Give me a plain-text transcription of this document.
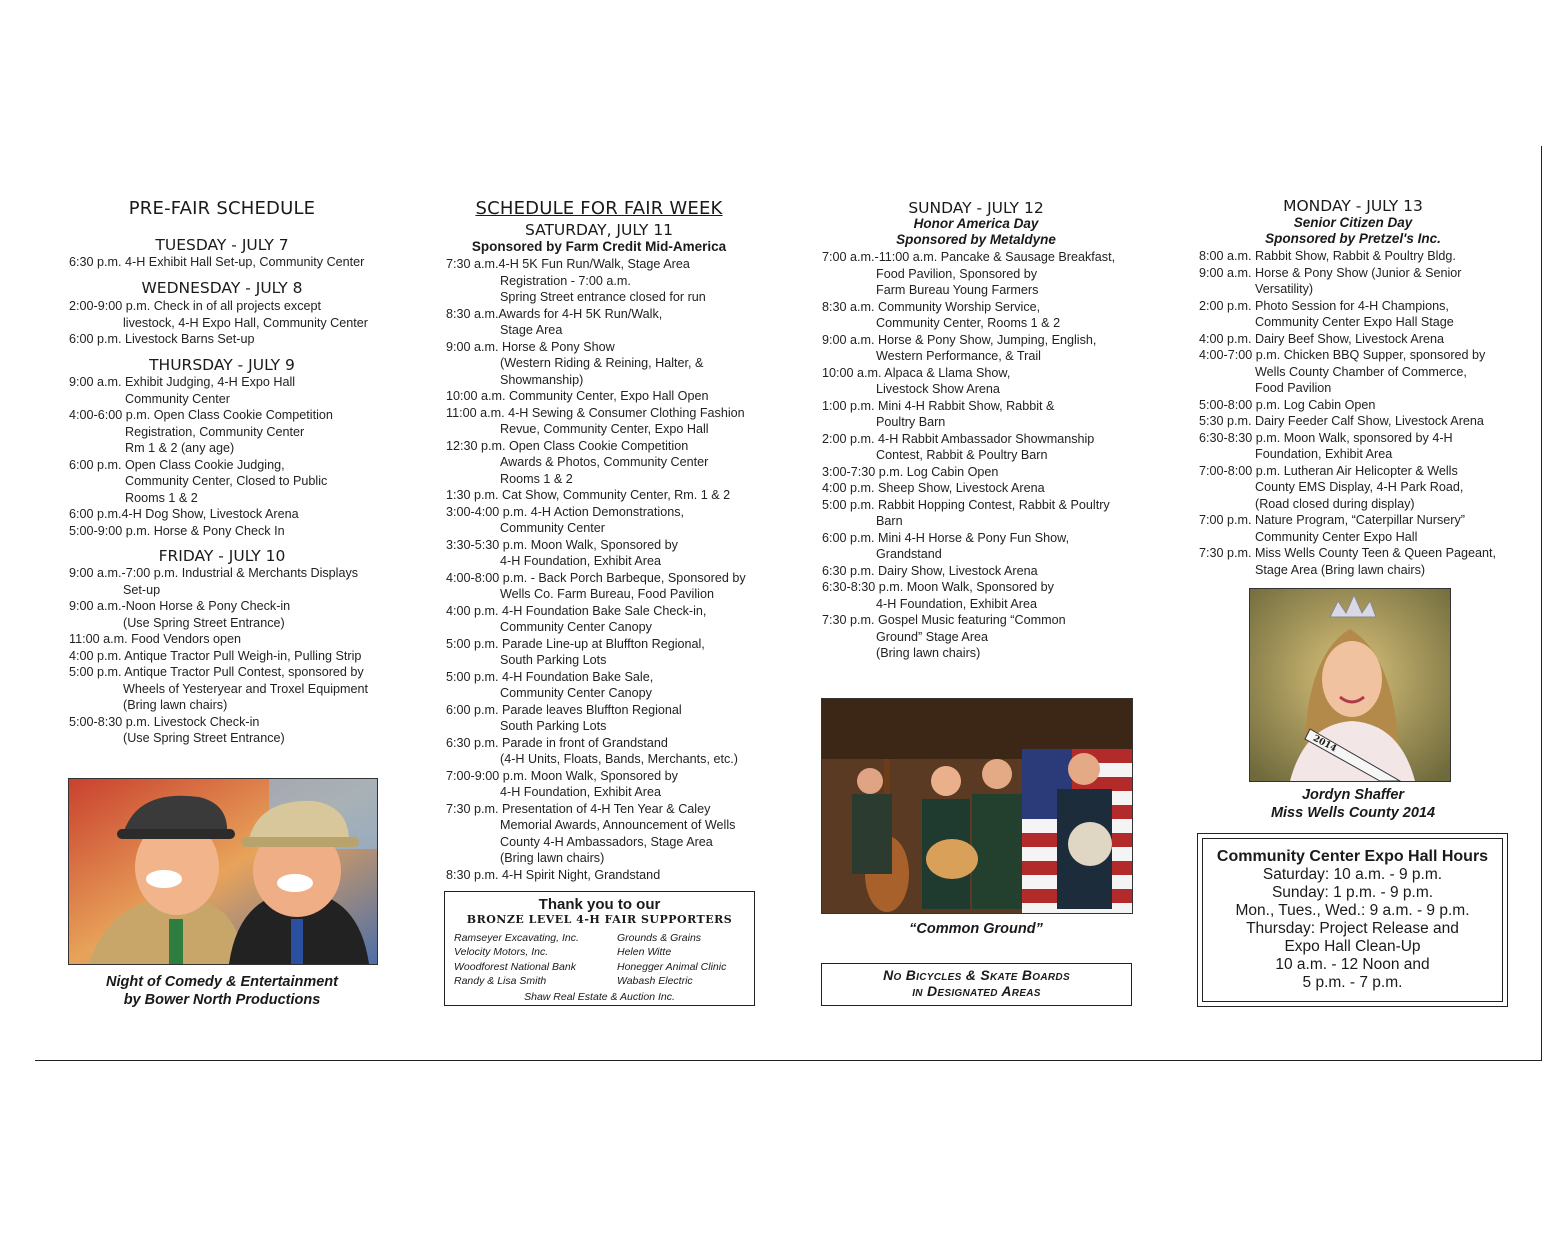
PRE-FAIR SCHEDULE
TUESDAY - JULY 7
6:30 p.m. 4-H Exhibit Hall Set-up, Community Center
WEDNESDAY - JULY 8
2:00-9:00 p.m. Check in of all projects except
livestock, 4-H Expo Hall, Community Center
6:00 p.m. Livestock Barns Set-up
THURSDAY - JULY 9
9:00 a.m. Exhibit Judging, 4-H Expo Hall
Community Center
4:00-6:00 p.m. Open Class Cookie Competition
Registration, Community Center
Rm 1 & 2 (any age)
6:00 p.m. Open Class Cookie Judging,
Community Center, Closed to Public
Rooms 1 & 2
6:00 p.m.4-H Dog Show, Livestock Arena
5:00-9:00 p.m. Horse & Pony Check In
FRIDAY - JULY 10
9:00 a.m.-7:00 p.m. Industrial & Merchants Displays
Set-up
9:00 a.m.-Noon Horse & Pony Check-in
(Use Spring Street Entrance)
11:00 a.m. Food Vendors open
4:00 p.m. Antique Tractor Pull Weigh-in, Pulling Strip
5:00 p.m. Antique Tractor Pull Contest, sponsored by
Wheels of Yesteryear and Troxel Equipment
(Bring lawn chairs)
5:00-8:30 p.m. Livestock Check-in
(Use Spring Street Entrance)
Night of Comedy & Entertainment
by Bower North Productions
SCHEDULE FOR FAIR WEEK
SATURDAY, JULY 11
Sponsored by Farm Credit Mid-America
7:30 a.m.4-H 5K Fun Run/Walk, Stage Area
Registration - 7:00 a.m.
Spring Street entrance closed for run
8:30 a.m.Awards for 4-H 5K Run/Walk,
Stage Area
9:00 a.m. Horse & Pony Show
(Western Riding & Reining, Halter, &
Showmanship)
10:00 a.m. Community Center, Expo Hall Open
11:00 a.m. 4-H Sewing & Consumer Clothing Fashion
Revue, Community Center, Expo Hall
12:30 p.m. Open Class Cookie Competition
Awards & Photos, Community Center
Rooms 1 & 2
1:30 p.m. Cat Show, Community Center, Rm. 1 & 2
3:00-4:00 p.m. 4-H Action Demonstrations,
Community Center
3:30-5:30 p.m. Moon Walk, Sponsored by
4-H Foundation, Exhibit Area
4:00-8:00 p.m. - Back Porch Barbeque, Sponsored by
Wells Co. Farm Bureau, Food Pavilion
4:00 p.m. 4-H Foundation Bake Sale Check-in,
Community Center Canopy
5:00 p.m. Parade Line-up at Bluffton Regional,
South Parking Lots
5:00 p.m. 4-H Foundation Bake Sale,
Community Center Canopy
6:00 p.m. Parade leaves Bluffton Regional
South Parking Lots
6:30 p.m. Parade in front of Grandstand
(4-H Units, Floats, Bands, Merchants, etc.)
7:00-9:00 p.m. Moon Walk, Sponsored by
4-H Foundation, Exhibit Area
7:30 p.m. Presentation of 4-H Ten Year & Caley
Memorial Awards, Announcement of Wells
County 4-H Ambassadors, Stage Area
(Bring lawn chairs)
8:30 p.m. 4-H Spirit Night, Grandstand
Thank you to our
BRONZE LEVEL 4-H FAIR SUPPORTERS
Ramseyer Excavating, Inc.
Velocity Motors, Inc.
Woodforest National Bank
Randy & Lisa Smith
Grounds & Grains
Helen Witte
Honegger Animal Clinic
Wabash Electric
Shaw Real Estate & Auction Inc.
SUNDAY - JULY 12
Honor America Day
Sponsored by Metaldyne
7:00 a.m.-11:00 a.m. Pancake & Sausage Breakfast,
Food Pavilion, Sponsored by
Farm Bureau Young Farmers
8:30 a.m. Community Worship Service,
Community Center, Rooms 1 & 2
9:00 a.m. Horse & Pony Show, Jumping, English,
Western Performance, & Trail
10:00 a.m. Alpaca & Llama Show,
Livestock Show Arena
1:00 p.m. Mini 4-H Rabbit Show, Rabbit &
Poultry Barn
2:00 p.m. 4-H Rabbit Ambassador Showmanship
Contest, Rabbit & Poultry Barn
3:00-7:30 p.m. Log Cabin Open
4:00 p.m. Sheep Show, Livestock Arena
5:00 p.m. Rabbit Hopping Contest, Rabbit & Poultry
Barn
6:00 p.m. Mini 4-H Horse & Pony Fun Show,
Grandstand
6:30 p.m. Dairy Show, Livestock Arena
6:30-8:30 p.m. Moon Walk, Sponsored by
4-H Foundation, Exhibit Area
7:30 p.m. Gospel Music featuring “Common
Ground” Stage Area
(Bring lawn chairs)
“Common Ground”
No Bicycles & Skate Boards
in Designated Areas
MONDAY - JULY 13
Senior Citizen Day
Sponsored by Pretzel's Inc.
8:00 a.m. Rabbit Show, Rabbit & Poultry Bldg.
9:00 a.m. Horse & Pony Show (Junior & Senior
Versatility)
2:00 p.m. Photo Session for 4-H Champions,
Community Center Expo Hall Stage
4:00 p.m. Dairy Beef Show, Livestock Arena
4:00-7:00 p.m. Chicken BBQ Supper, sponsored by
Wells County Chamber of Commerce,
Food Pavilion
5:00-8:00 p.m. Log Cabin Open
5:30 p.m. Dairy Feeder Calf Show, Livestock Arena
6:30-8:30 p.m. Moon Walk, sponsored by 4-H
Foundation, Exhibit Area
7:00-8:00 p.m. Lutheran Air Helicopter & Wells
County EMS Display, 4-H Park Road,
(Road closed during display)
7:00 p.m. Nature Program, “Caterpillar Nursery”
Community Center Expo Hall
7:30 p.m. Miss Wells County Teen & Queen Pageant,
Stage Area (Bring lawn chairs)
2014
Jordyn Shaffer
Miss Wells County 2014
Community Center Expo Hall Hours
Saturday: 10 a.m. - 9 p.m.
Sunday: 1 p.m. - 9 p.m.
Mon., Tues., Wed.: 9 a.m. - 9 p.m.
Thursday: Project Release and
Expo Hall Clean-Up
10 a.m. - 12 Noon and
5 p.m. - 7 p.m.
